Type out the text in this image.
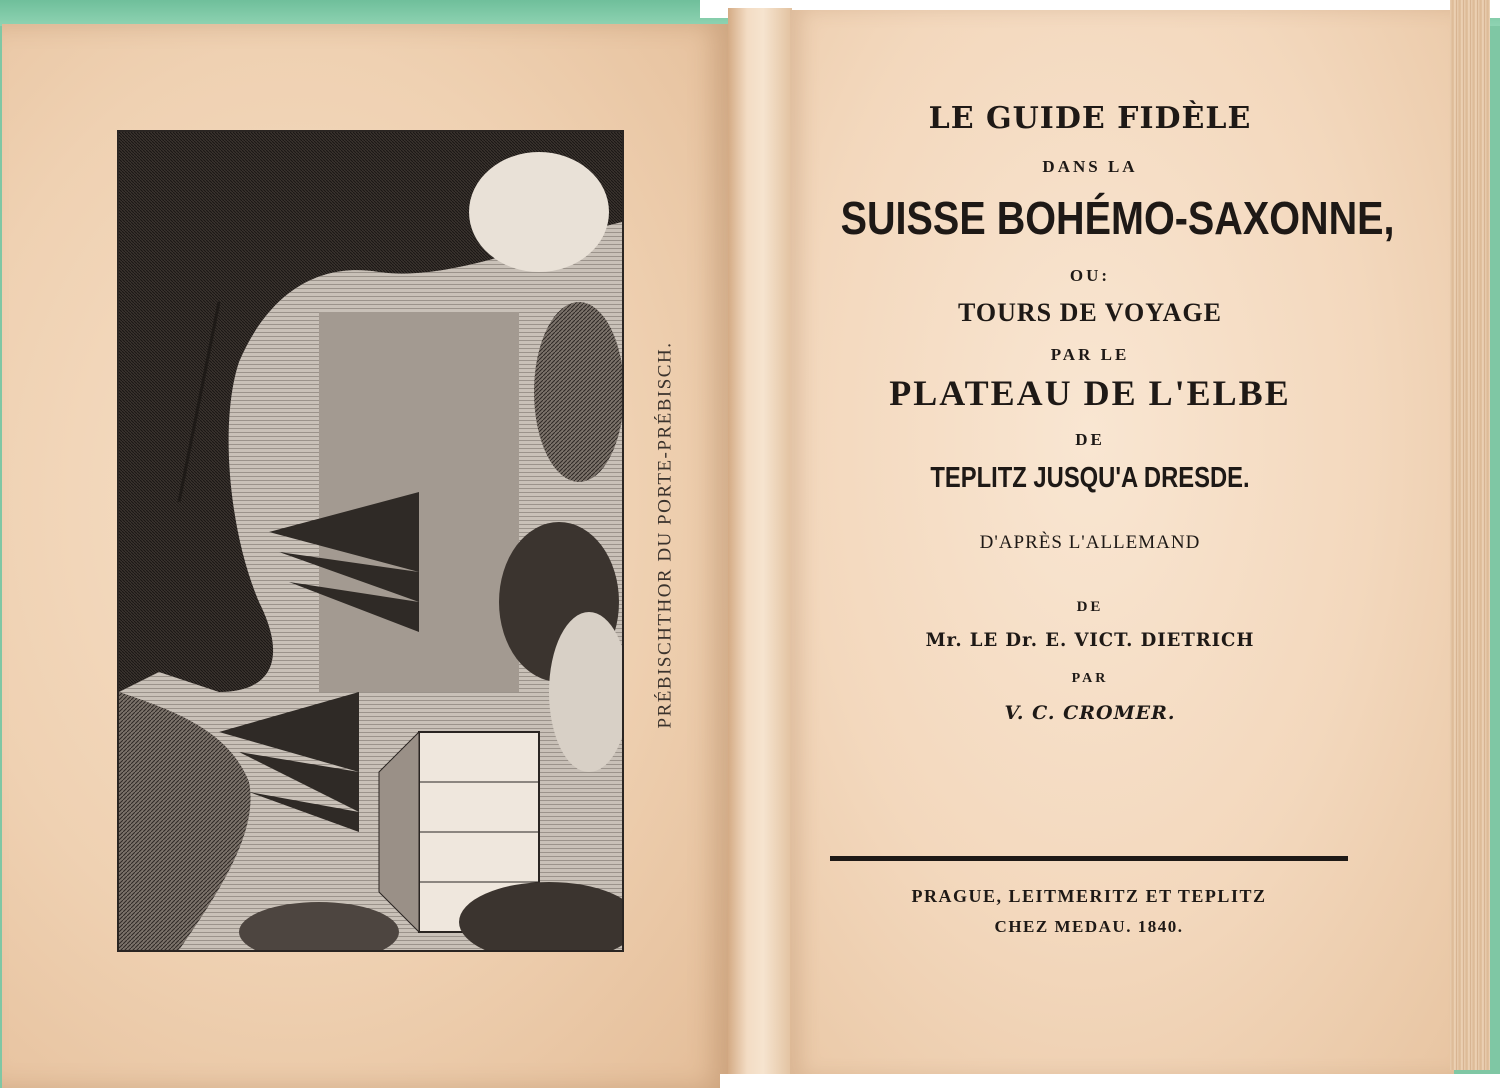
PRÉBISCHTHOR DU PORTE-PRÉBISCH.

LE GUIDE FIDÈLE

DANS LA

SUISSE BOHÉMO-SAXONNE,

OU:

TOURS DE VOYAGE

PAR LE

PLATEAU DE L'ELBE

DE

TEPLITZ JUSQU'A DRESDE.

D'APRÈS L'ALLEMAND

DE

Mr. LE Dr. E. VICT. DIETRICH

PAR

V. C. CROMER.

PRAGUE, LEITMERITZ ET TEPLITZ

CHEZ MEDAU. 1840.
